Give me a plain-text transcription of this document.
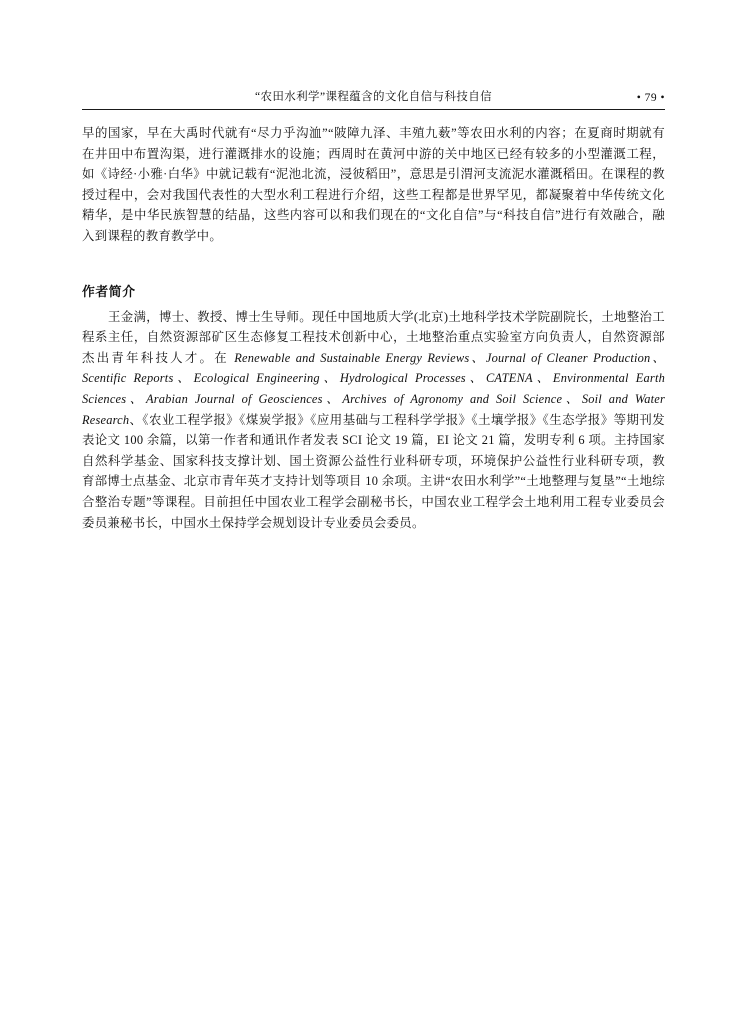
“农田水利学”课程蕴含的文化自信与科技自信	• 79 •

早的国家，早在大禹时代就有“尽力乎沟洫”“陂障九泽、丰殖九薮”等农田水利的内容；在夏商时期就有在井田中布置沟渠，进行灌溉排水的设施；西周时在黄河中游的关中地区已经有较多的小型灌溉工程，如《诗经·小雅·白华》中就记载有“泥池北流，浸彼稻田”，意思是引渭河支流泥水灌溉稻田。在课程的教授过程中，会对我国代表性的大型水利工程进行介绍，这些工程都是世界罕见，都凝聚着中华传统文化精华，是中华民族智慧的结晶，这些内容可以和我们现在的“文化自信”与“科技自信”进行有效融合，融入到课程的教育教学中。

作者简介
王金满，博士、教授、博士生导师。现任中国地质大学(北京)土地科学技术学院副院长，土地整治工程系主任，自然资源部矿区生态修复工程技术创新中心，土地整治重点实验室方向负责人，自然资源部杰出青年科技人才。在 Renewable and Sustainable Energy Reviews、Journal of Cleaner Production、Scentific Reports、Ecological Engineering、Hydrological Processes、CATENA、Environmental Earth Sciences、Arabian Journal of Geosciences、Archives of Agronomy and Soil Science、Soil and Water Research、《农业工程学报》《煤炭学报》《应用基础与工程科学学报》《土壤学报》《生态学报》等期刊发表论文 100 余篇，以第一作者和通讯作者发表 SCI 论文 19 篇，EI 论文 21 篇，发明专利 6 项。主持国家自然科学基金、国家科技支撑计划、国土资源公益性行业科研专项，环境保护公益性行业科研专项，教育部博士点基金、北京市青年英才支持计划等项目 10 余项。主讲“农田水利学”“土地整理与复垦”“土地综合整治专题”等课程。目前担任中国农业工程学会副秘书长，中国农业工程学会土地利用工程专业委员会委员兼秘书长，中国水土保持学会规划设计专业委员会委员。
